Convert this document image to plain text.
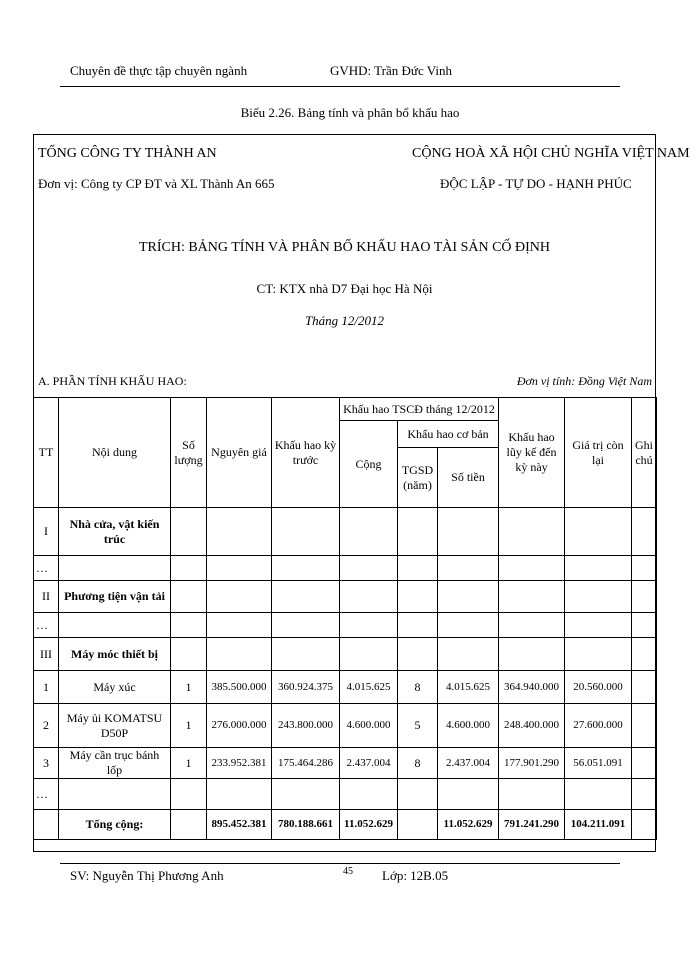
Chuyên đề thực tập chuyên ngành	GVHD: Trần Đức Vinh
Biểu 2.26. Bảng tính và phân bổ khấu hao
TỔNG CÔNG TY THÀNH AN
Đơn vị: Công ty CP ĐT và XL Thành An 665
CỘNG HOÀ XÃ HỘI CHỦ NGHĨA VIỆT NAM
ĐỘC LẬP - TỰ DO - HẠNH PHÚC
TRÍCH: BẢNG TÍNH VÀ PHÂN BỔ KHẤU HAO TÀI SẢN CỐ ĐỊNH
CT: KTX nhà D7 Đại học Hà Nội
Tháng 12/2012
A. PHẦN TÍNH KHẤU HAO:	Đơn vị tính: Đồng Việt Nam
TT	Nội dung	Số lượng	Nguyên giá	Khấu hao kỳ trước	Khấu hao TSCĐ tháng 12/2012			Khấu hao lũy kế đến kỳ này	Giá trị còn lại	Ghi chú
					Cộng	Khấu hao cơ bản				
						TGSD (năm)	Số tiền			
I	Nhà cửa, vật kiến trúc									
…										
II	Phương tiện vận tải									
…										
III	Máy móc thiết bị									
1	Máy xúc	1	385.500.000	360.924.375	4.015.625	8	4.015.625	364.940.000	20.560.000	
2	Máy ủi KOMATSU D50P	1	276.000.000	243.800.000	4.600.000	5	4.600.000	248.400.000	27.600.000	
3	Máy cần trục bánh lốp	1	233.952.381	175.464.286	2.437.004	8	2.437.004	177.901.290	56.051.091	
…										
	Tổng cộng:		895.452.381	780.188.661	11.052.629		11.052.629	791.241.290	104.211.091	
SV: Nguyễn Thị Phương Anh	45 Lớp: 12B.05
